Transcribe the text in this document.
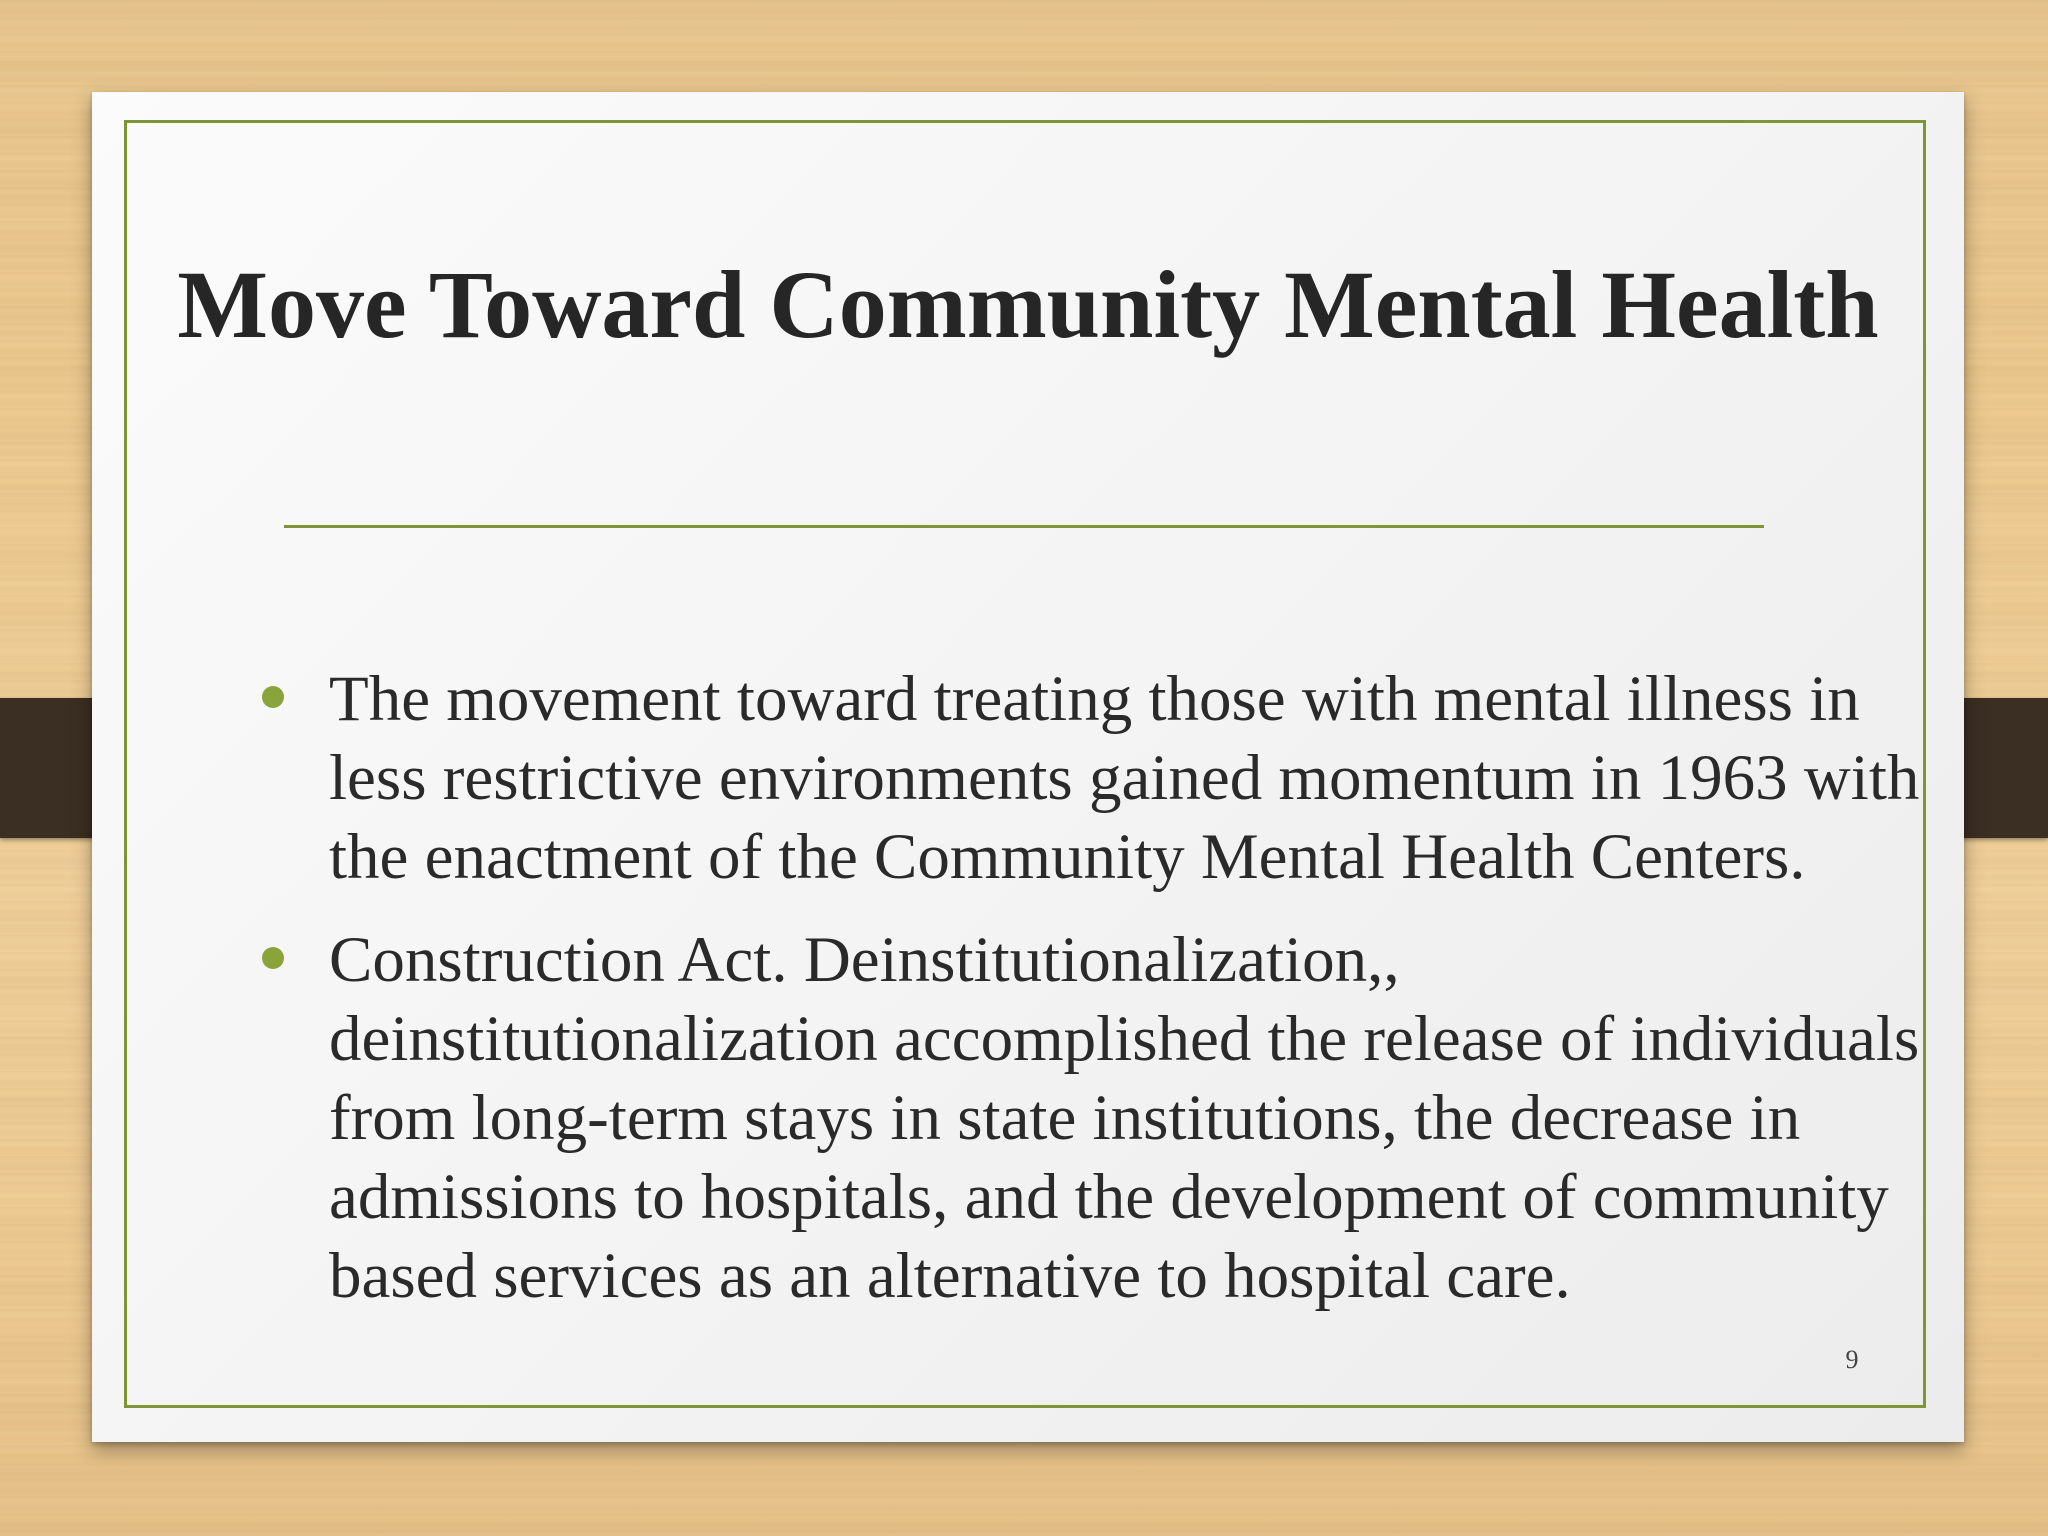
Move Toward Community Mental Health
The movement toward treating those with mental illness in less restrictive environments gained momentum in 1963 with the enactment of the Community Mental Health Centers.
Construction Act. Deinstitutionalization,, deinstitutionalization accomplished the release of individuals from long-term stays in state institutions, the decrease in admissions to hospitals, and the development of community based services as an alternative to hospital care.
9
